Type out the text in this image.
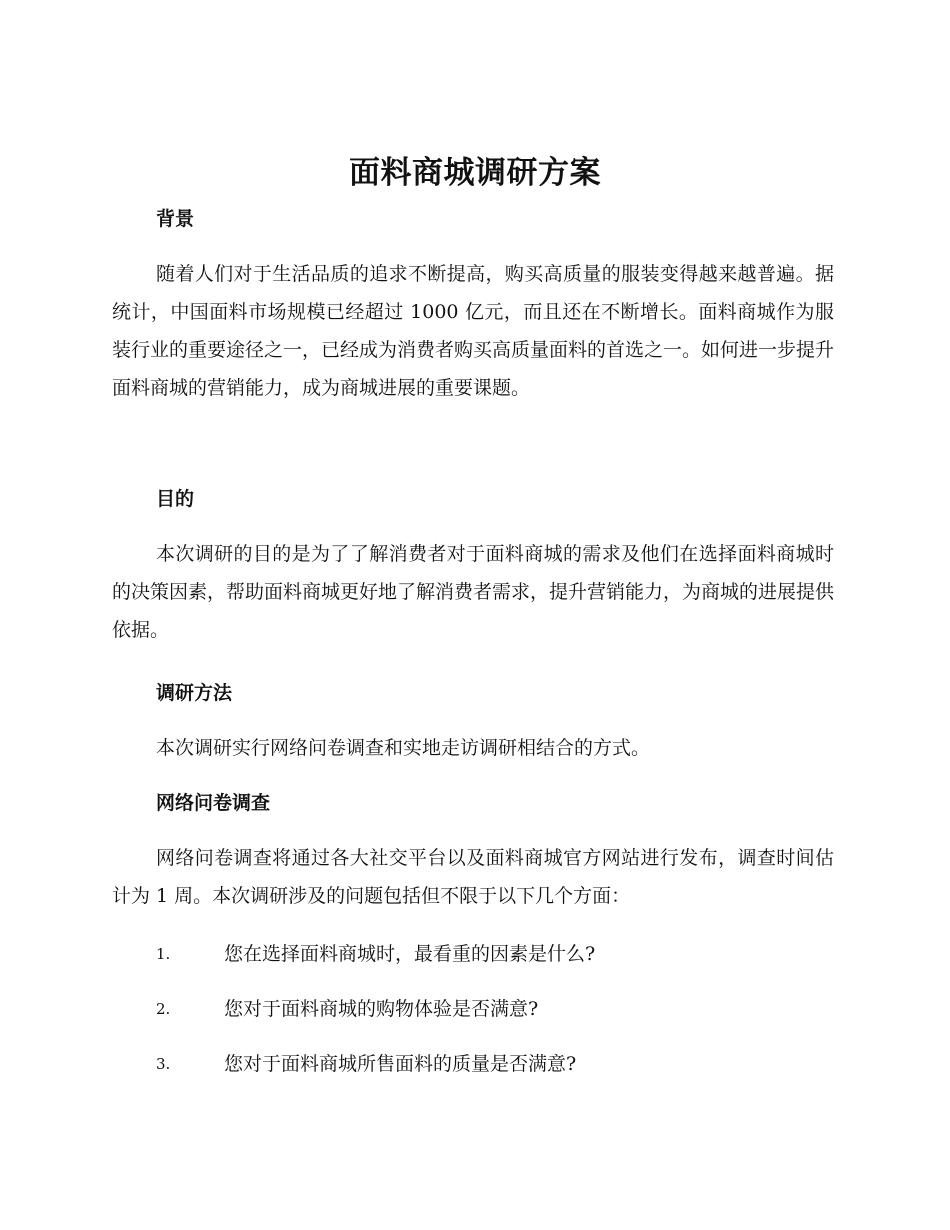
面料商城调研方案
背景

随着人们对于生活品质的追求不断提高，购买高质量的服装变得越来越普遍。据统计，中国面料市场规模已经超过 1000 亿元，而且还在不断增长。面料商城作为服装行业的重要途径之一，已经成为消费者购买高质量面料的首选之一。如何进一步提升面料商城的营销能力，成为商城进展的重要课题。

目的

本次调研的目的是为了了解消费者对于面料商城的需求及他们在选择面料商城时的决策因素，帮助面料商城更好地了解消费者需求，提升营销能力，为商城的进展提供依据。

调研方法

本次调研实行网络问卷调查和实地走访调研相结合的方式。

网络问卷调查

网络问卷调查将通过各大社交平台以及面料商城官方网站进行发布，调查时间估计为 1 周。本次调研涉及的问题包括但不限于以下几个方面：

1.	您在选择面料商城时，最看重的因素是什么?
2.	您对于面料商城的购物体验是否满意?
3.	您对于面料商城所售面料的质量是否满意?
